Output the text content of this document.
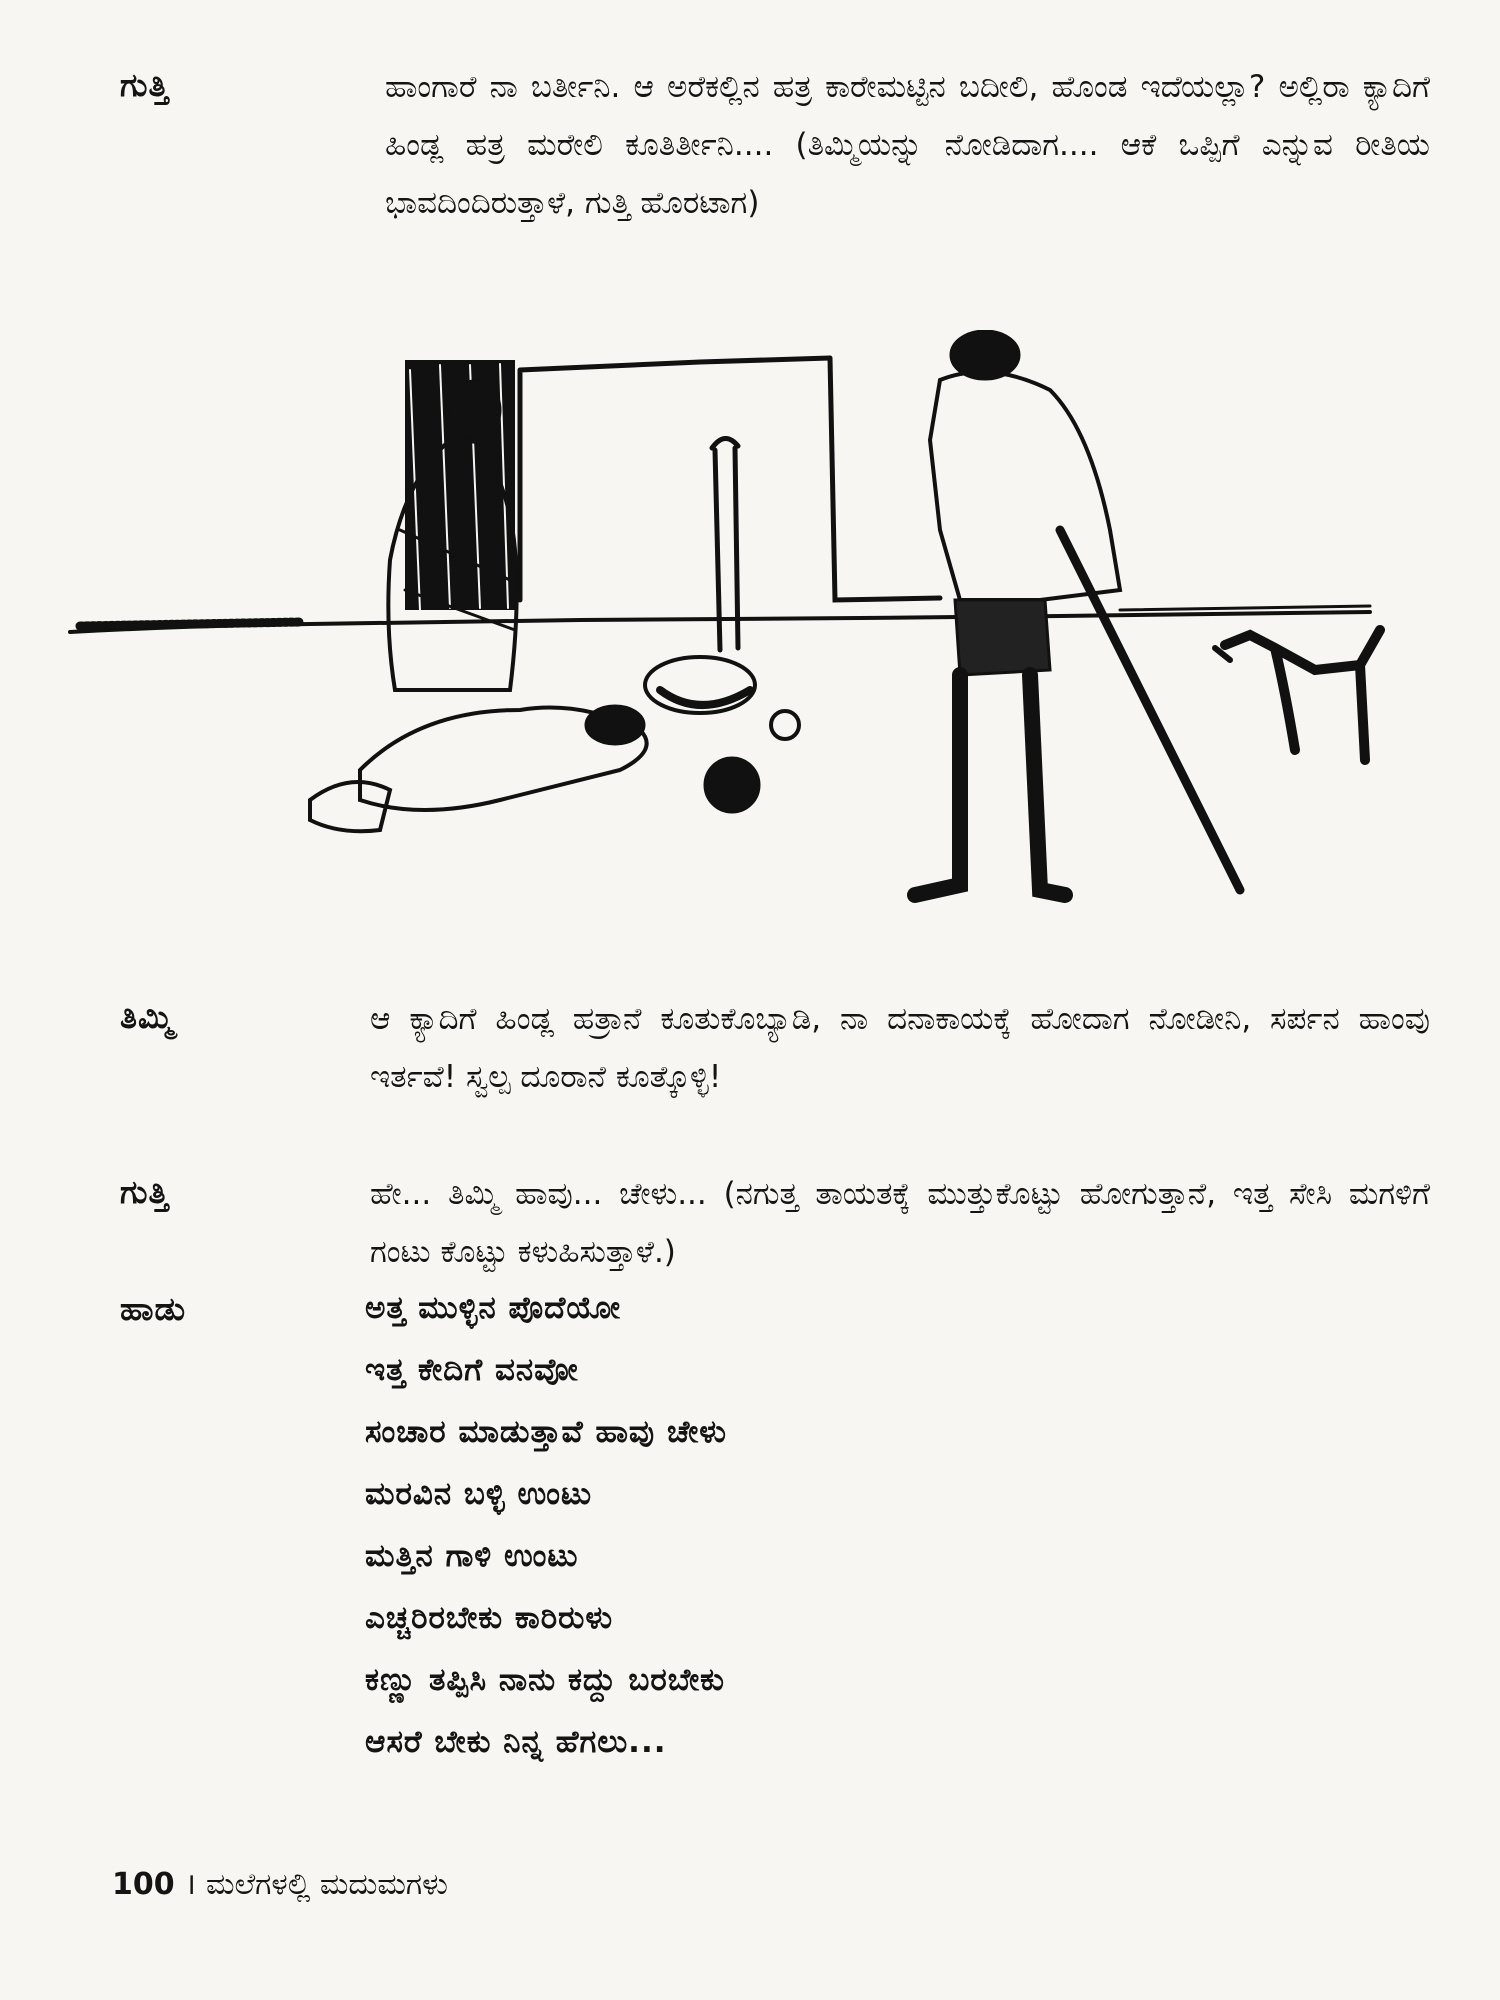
ಗುತ್ತಿ	ಹಾಂಗಾರೆ ನಾ ಬರ್ತೀನಿ. ಆ ಅರೆಕಲ್ಲಿನ ಹತ್ರ ಕಾರೇಮಟ್ಟಿನ ಬದೀಲಿ, ಹೊಂಡ ಇದೆಯಲ್ಲಾ? ಅಲ್ಲಿರಾ ಕ್ಯಾದಿಗೆ ಹಿಂಡ್ಲ ಹತ್ರ ಮರೇಲಿ ಕೂತಿರ್ತೀನಿ.... (ತಿಮ್ಮಿಯನ್ನು ನೋಡಿದಾಗ.... ಆಕೆ ಒಪ್ಪಿಗೆ ಎನ್ನುವ ರೀತಿಯ ಭಾವದಿಂದಿರುತ್ತಾಳೆ, ಗುತ್ತಿ ಹೊರಟಾಗ)
ತಿಮ್ಮಿ	ಆ ಕ್ಯಾದಿಗೆ ಹಿಂಡ್ಲ ಹತ್ರಾನೆ ಕೂತುಕೊಬ್ಯಾಡಿ, ನಾ ದನಾಕಾಯಕ್ಕೆ ಹೋದಾಗ ನೋಡೀನಿ, ಸರ್ಪನ ಹಾಂವು ಇರ್ತವೆ! ಸ್ವಲ್ಪ ದೂರಾನೆ ಕೂತ್ಕೊಳ್ಳಿ!
ಗುತ್ತಿ	ಹೇ... ತಿಮ್ಮಿ ಹಾವು... ಚೇಳು... (ನಗುತ್ತ ತಾಯತಕ್ಕೆ ಮುತ್ತುಕೊಟ್ಟು ಹೋಗುತ್ತಾನೆ, ಇತ್ತ ಸೇಸಿ ಮಗಳಿಗೆ ಗಂಟು ಕೊಟ್ಟು ಕಳುಹಿಸುತ್ತಾಳೆ.)
ಹಾಡು	ಅತ್ತ ಮುಳ್ಳಿನ ಪೊದೆಯೋ
ಇತ್ತ ಕೇದಿಗೆ ವನವೋ
ಸಂಚಾರ ಮಾಡುತ್ತಾವೆ ಹಾವು ಚೇಳು
ಮರವಿನ ಬಳ್ಳಿ ಉಂಟು
ಮತ್ತಿನ ಗಾಳಿ ಉಂಟು
ಎಚ್ಚರಿರಬೇಕು ಕಾರಿರುಳು
ಕಣ್ಣು ತಪ್ಪಿಸಿ ನಾನು ಕದ್ದು ಬರಬೇಕು
ಆಸರೆ ಬೇಕು ನಿನ್ನ ಹೆಗಲು...
100 । ಮಲೆಗಳಲ್ಲಿ ಮದುಮಗಳು
